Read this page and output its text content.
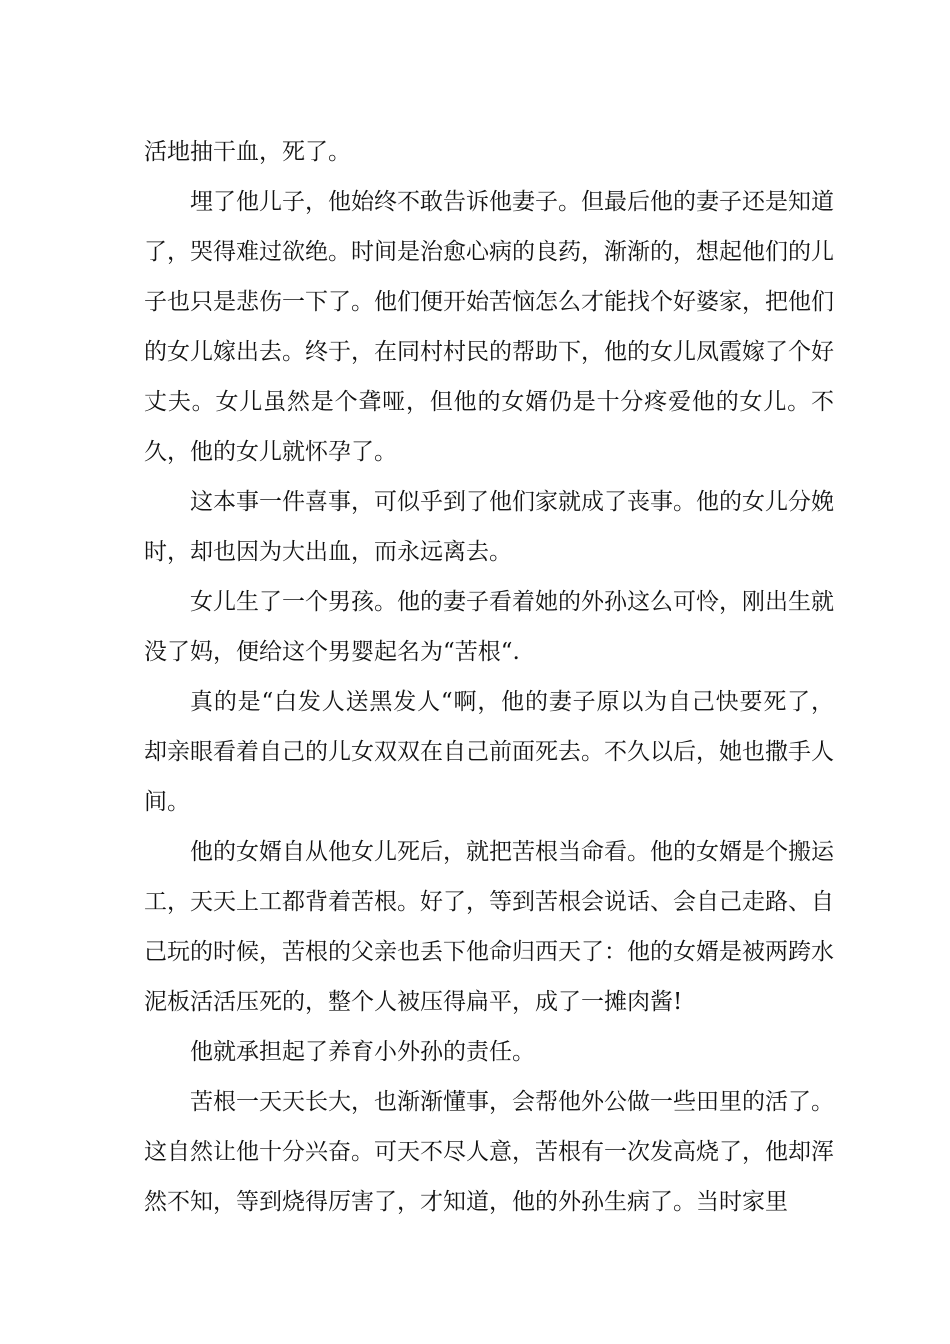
活地抽干血，死了。

埋了他儿子，他始终不敢告诉他妻子。但最后他的妻子还是知道了，哭得难过欲绝。时间是治愈心病的良药，渐渐的，想起他们的儿子也只是悲伤一下了。他们便开始苦恼怎么才能找个好婆家，把他们的女儿嫁出去。终于，在同村村民的帮助下，他的女儿凤霞嫁了个好丈夫。女儿虽然是个聋哑，但他的女婿仍是十分疼爱他的女儿。不久，他的女儿就怀孕了。

这本事一件喜事，可似乎到了他们家就成了丧事。他的女儿分娩时，却也因为大出血，而永远离去。

女儿生了一个男孩。他的妻子看着她的外孙这么可怜，刚出生就没了妈，便给这个男婴起名为“苦根“.

真的是“白发人送黑发人“啊，他的妻子原以为自己快要死了，却亲眼看着自己的儿女双双在自己前面死去。不久以后，她也撒手人间。

他的女婿自从他女儿死后，就把苦根当命看。他的女婿是个搬运工，天天上工都背着苦根。好了，等到苦根会说话、会自己走路、自己玩的时候，苦根的父亲也丢下他命归西天了：他的女婿是被两跨水泥板活活压死的，整个人被压得扁平，成了一摊肉酱!

他就承担起了养育小外孙的责任。

苦根一天天长大，也渐渐懂事，会帮他外公做一些田里的活了。这自然让他十分兴奋。可天不尽人意，苦根有一次发高烧了，他却浑然不知，等到烧得厉害了，才知道，他的外孙生病了。当时家里
